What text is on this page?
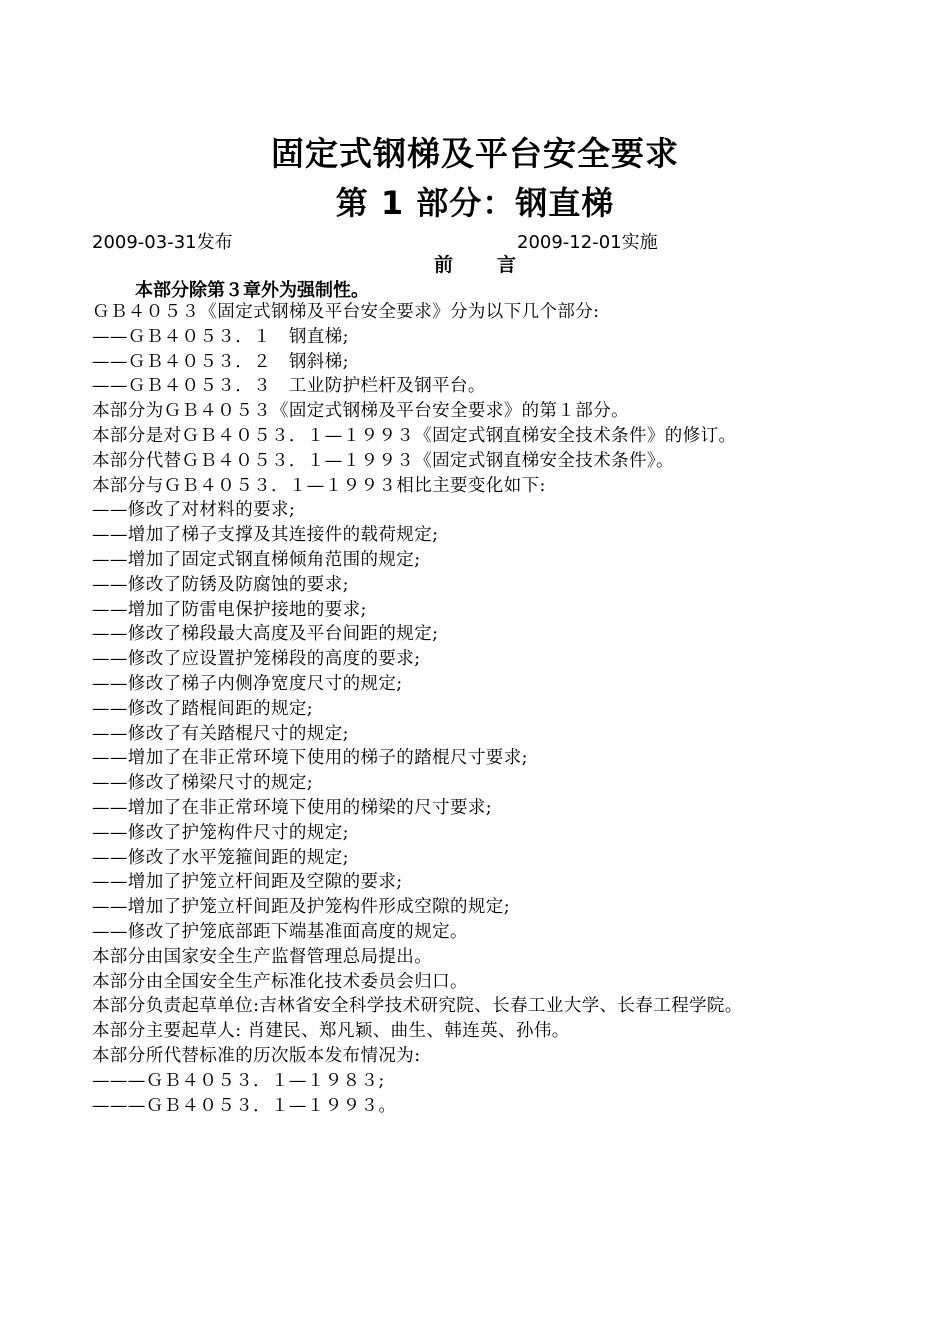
固定式钢梯及平台安全要求
第 1 部分：钢直梯
2009-03-31发布	2009-12-01实施
前 言
本部分除第３章外为强制性。
ＧＢ４０５３《固定式钢梯及平台安全要求》分为以下几个部分:
——ＧＢ４０５３．１　钢直梯;
——ＧＢ４０５３．２　钢斜梯;
——ＧＢ４０５３．３　工业防护栏杆及钢平台。
本部分为ＧＢ４０５３《固定式钢梯及平台安全要求》的第１部分。
本部分是对ＧＢ４０５３．１—１９９３《固定式钢直梯安全技术条件》的修订。
本部分代替ＧＢ４０５３．１—１９９３《固定式钢直梯安全技术条件》。
本部分与ＧＢ４０５３．１—１９９３相比主要变化如下:
——修改了对材料的要求;
——增加了梯子支撑及其连接件的载荷规定;
——增加了固定式钢直梯倾角范围的规定;
——修改了防锈及防腐蚀的要求;
——增加了防雷电保护接地的要求;
——修改了梯段最大高度及平台间距的规定;
——修改了应设置护笼梯段的高度的要求;
——修改了梯子内侧净宽度尺寸的规定;
——修改了踏棍间距的规定;
——修改了有关踏棍尺寸的规定;
——增加了在非正常环境下使用的梯子的踏棍尺寸要求;
——修改了梯梁尺寸的规定;
——增加了在非正常环境下使用的梯梁的尺寸要求;
——修改了护笼构件尺寸的规定;
——修改了水平笼箍间距的规定;
——增加了护笼立杆间距及空隙的要求;
——增加了护笼立杆间距及护笼构件形成空隙的规定;
——修改了护笼底部距下端基准面高度的规定。
本部分由国家安全生产监督管理总局提出。
本部分由全国安全生产标准化技术委员会归口。
本部分负责起草单位:吉林省安全科学技术研究院、长春工业大学、长春工程学院。
本部分主要起草人: 肖建民、郑凡颖、曲生、韩连英、孙伟。
本部分所代替标准的历次版本发布情况为:
———ＧＢ４０５３．１—１９８３;
———ＧＢ４０５３．１—１９９３。
